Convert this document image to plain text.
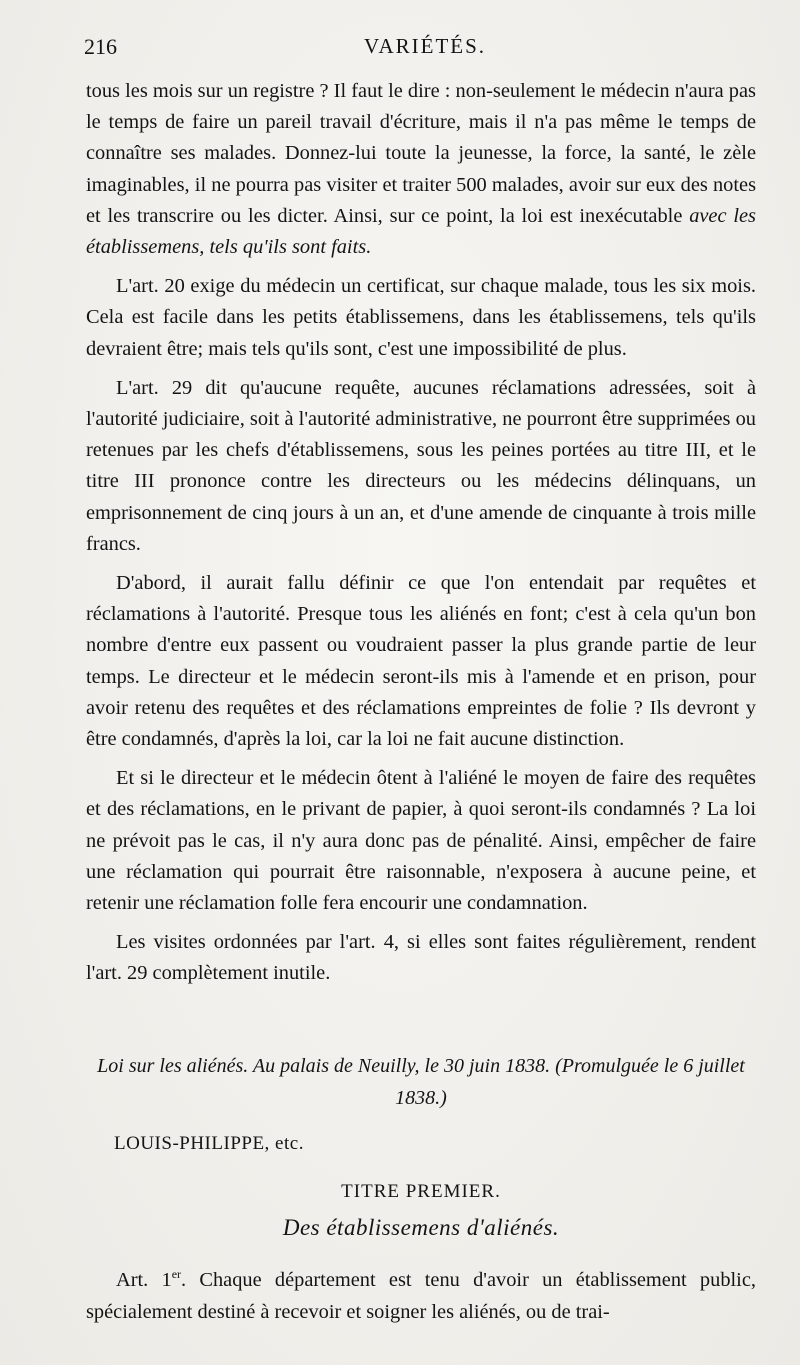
216	VARIÉTÉS.

tous les mois sur un registre ? Il faut le dire : non-seulement le médecin n'aura pas le temps de faire un pareil travail d'écriture, mais il n'a pas même le temps de connaître ses malades. Donnez-lui toute la jeunesse, la force, la santé, le zèle imaginables, il ne pourra pas visiter et traiter 500 malades, avoir sur eux des notes et les transcrire ou les dicter. Ainsi, sur ce point, la loi est inexécutable avec les établissemens, tels qu'ils sont faits.

L'art. 20 exige du médecin un certificat, sur chaque malade, tous les six mois. Cela est facile dans les petits établissemens, dans les établissemens, tels qu'ils devraient être; mais tels qu'ils sont, c'est une impossibilité de plus.

L'art. 29 dit qu'aucune requête, aucunes réclamations adressées, soit à l'autorité judiciaire, soit à l'autorité administrative, ne pourront être supprimées ou retenues par les chefs d'établissemens, sous les peines portées au titre III, et le titre III prononce contre les directeurs ou les médecins délinquans, un emprisonnement de cinq jours à un an, et d'une amende de cinquante à trois mille francs.

D'abord, il aurait fallu définir ce que l'on entendait par requêtes et réclamations à l'autorité. Presque tous les aliénés en font; c'est à cela qu'un bon nombre d'entre eux passent ou voudraient passer la plus grande partie de leur temps. Le directeur et le médecin seront-ils mis à l'amende et en prison, pour avoir retenu des requêtes et des réclamations empreintes de folie ? Ils devront y être condamnés, d'après la loi, car la loi ne fait aucune distinction.

Et si le directeur et le médecin ôtent à l'aliéné le moyen de faire des requêtes et des réclamations, en le privant de papier, à quoi seront-ils condamnés ? La loi ne prévoit pas le cas, il n'y aura donc pas de pénalité. Ainsi, empêcher de faire une réclamation qui pourrait être raisonnable, n'exposera à aucune peine, et retenir une réclamation folle fera encourir une condamnation.

Les visites ordonnées par l'art. 4, si elles sont faites régulièrement, rendent l'art. 29 complètement inutile.

Loi sur les aliénés. Au palais de Neuilly, le 30 juin 1838. (Promulguée le 6 juillet 1838.)

LOUIS-PHILIPPE, etc.

TITRE PREMIER.

Des établissemens d'aliénés.

Art. 1er. Chaque département est tenu d'avoir un établissement public, spécialement destiné à recevoir et soigner les aliénés, ou de trai-
